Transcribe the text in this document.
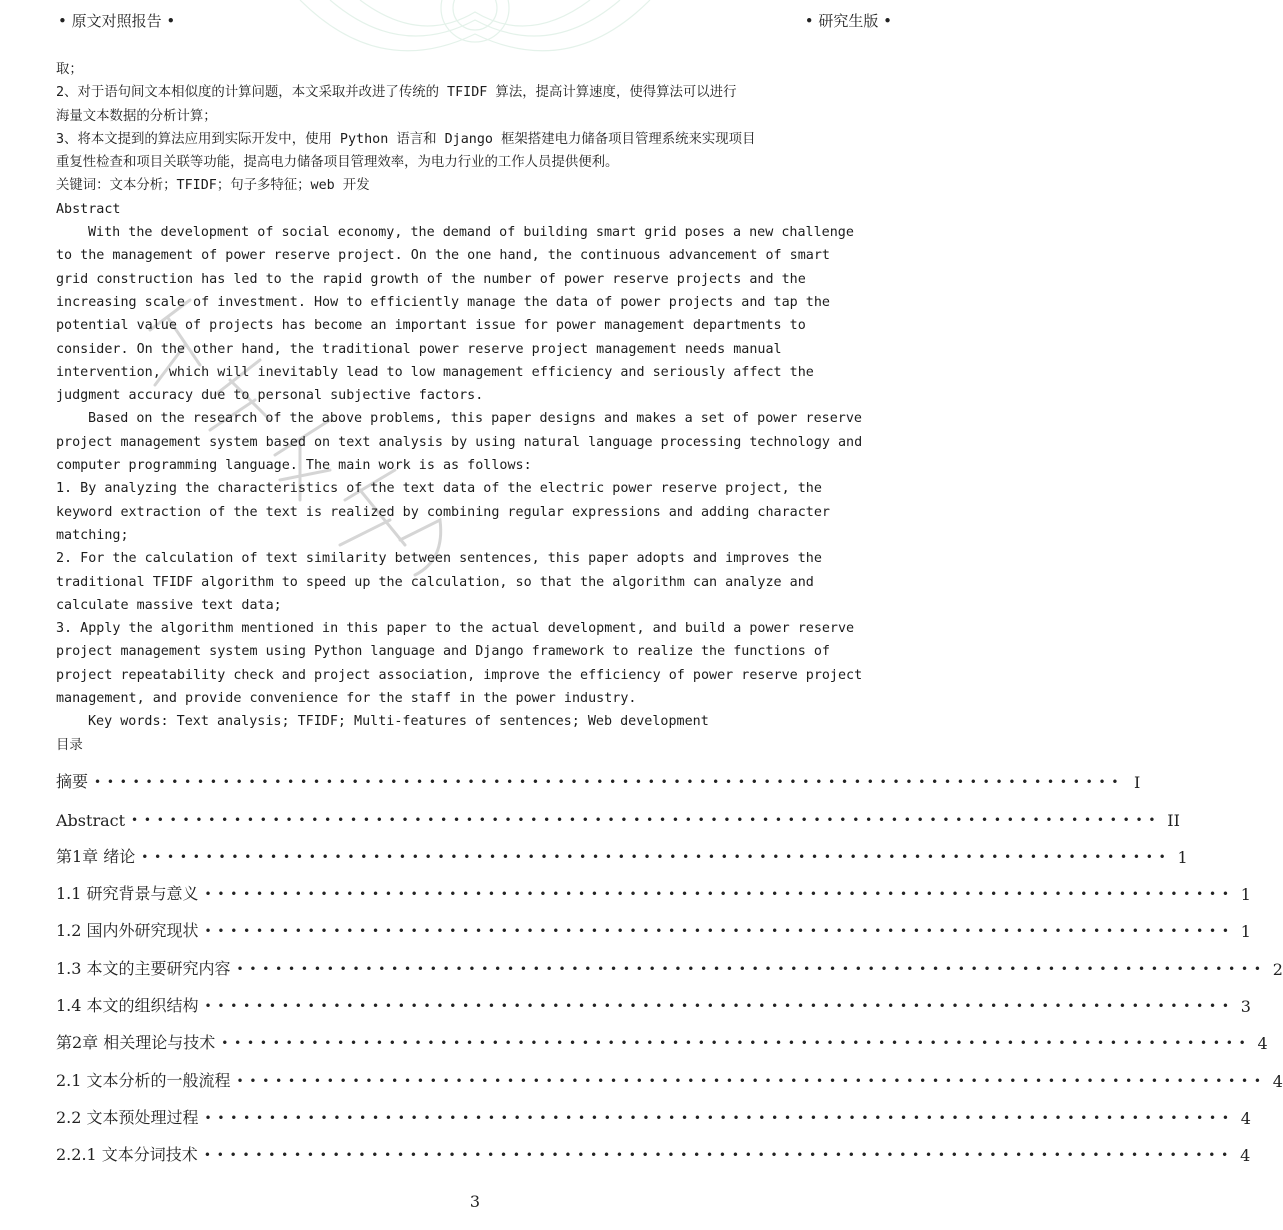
• 原文对照报告 •	• 研究生版 •
取；
2、对于语句间文本相似度的计算问题，本文采取并改进了传统的 TFIDF 算法，提高计算速度，使得算法可以进行
海量文本数据的分析计算；
3、将本文提到的算法应用到实际开发中，使用 Python 语言和 Django 框架搭建电力储备项目管理系统来实现项目
重复性检查和项目关联等功能，提高电力储备项目管理效率，为电力行业的工作人员提供便利。
关键词：文本分析；TFIDF；句子多特征；web 开发
Abstract
With the development of social economy, the demand of building smart grid poses a new challenge
to the management of power reserve project. On the one hand, the continuous advancement of smart
grid construction has led to the rapid growth of the number of power reserve projects and the
increasing scale of investment. How to efficiently manage the data of power projects and tap the
potential value of projects has become an important issue for power management departments to
consider. On the other hand, the traditional power reserve project management needs manual
intervention, which will inevitably lead to low management efficiency and seriously affect the
judgment accuracy due to personal subjective factors.
Based on the research of the above problems, this paper designs and makes a set of power reserve
project management system based on text analysis by using natural language processing technology and
computer programming language. The main work is as follows:
1. By analyzing the characteristics of the text data of the electric power reserve project, the
keyword extraction of the text is realized by combining regular expressions and adding character
matching;
2. For the calculation of text similarity between sentences, this paper adopts and improves the
traditional TFIDF algorithm to speed up the calculation, so that the algorithm can analyze and
calculate massive text data;
3. Apply the algorithm mentioned in this paper to the actual development, and build a power reserve
project management system using Python language and Django framework to realize the functions of
project repeatability check and project association, improve the efficiency of power reserve project
management, and provide convenience for the staff in the power industry.
Key words: Text analysis; TFIDF; Multi-features of sentences; Web development
目录
摘要 •••••••••••••••••••••••••••••••••••••••••••••••••••••••••••••••••••••••••••••••• I
Abstract •••••••••••••••••••••••••••••••••••••••••••••••••••••••••••••••••••••••••••••••• II
第1章 绪论 •••••••••••••••••••••••••••••••••••••••••••••••••••••••••••••••••••••••••••••••• 1
1.1 研究背景与意义 •••••••••••••••••••••••••••••••••••••••••••••••••••••••••••••••••••••••••••••••• 1
1.2 国内外研究现状 •••••••••••••••••••••••••••••••••••••••••••••••••••••••••••••••••••••••••••••••• 1
1.3 本文的主要研究内容 •••••••••••••••••••••••••••••••••••••••••••••••••••••••••••••••••••••••••••••••• 2
1.4 本文的组织结构 •••••••••••••••••••••••••••••••••••••••••••••••••••••••••••••••••••••••••••••••• 3
第2章 相关理论与技术 •••••••••••••••••••••••••••••••••••••••••••••••••••••••••••••••••••••••••••••••• 4
2.1 文本分析的一般流程 •••••••••••••••••••••••••••••••••••••••••••••••••••••••••••••••••••••••••••••••• 4
2.2 文本预处理过程 •••••••••••••••••••••••••••••••••••••••••••••••••••••••••••••••••••••••••••••••• 4
2.2.1 文本分词技术 •••••••••••••••••••••••••••••••••••••••••••••••••••••••••••••••••••••••••••••••• 4
3
